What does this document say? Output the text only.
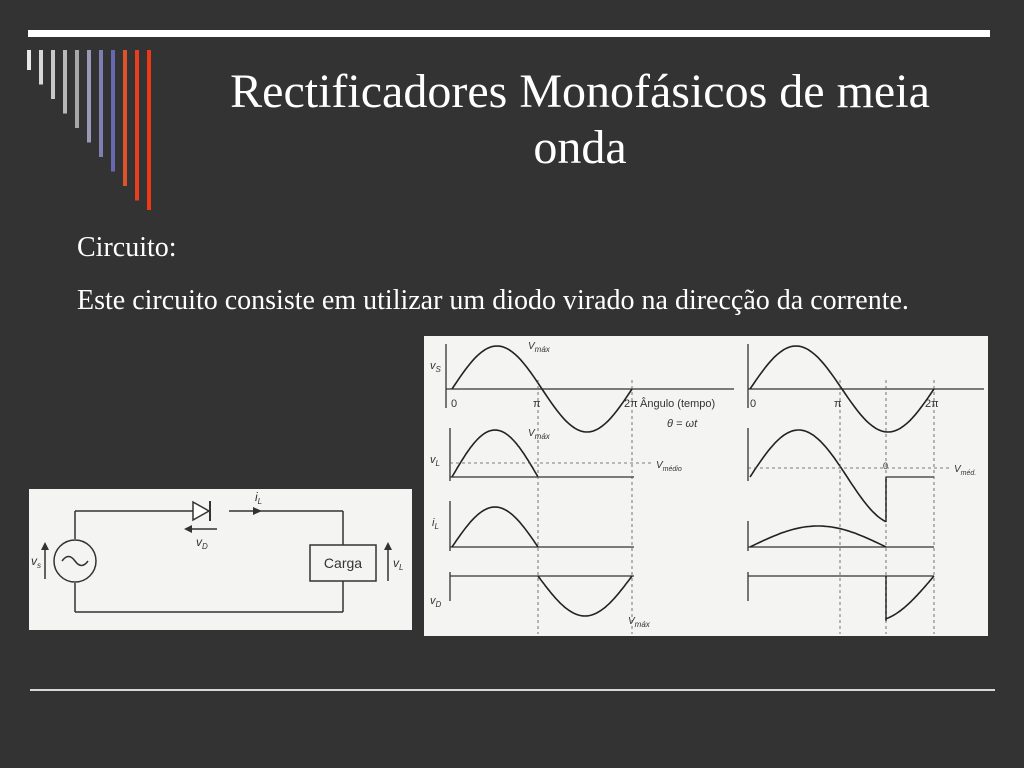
Rectificadores Monofásicos de meia onda

Circuito:

Este circuito consiste em utilizar um diodo virado na direcção da corrente.

$i_L$
$v_D$
Carga	$v_L$
$v_s$
$v_S$
$v_L$
$i_L$
$v_D$
$V_{máx}$
$V_{máx}$
$V_{máx}$
0	π	2π Ângulo (tempo)
θ = ωt
0	π	2π
$V_{médio}$	$V_{méd.}$
0
